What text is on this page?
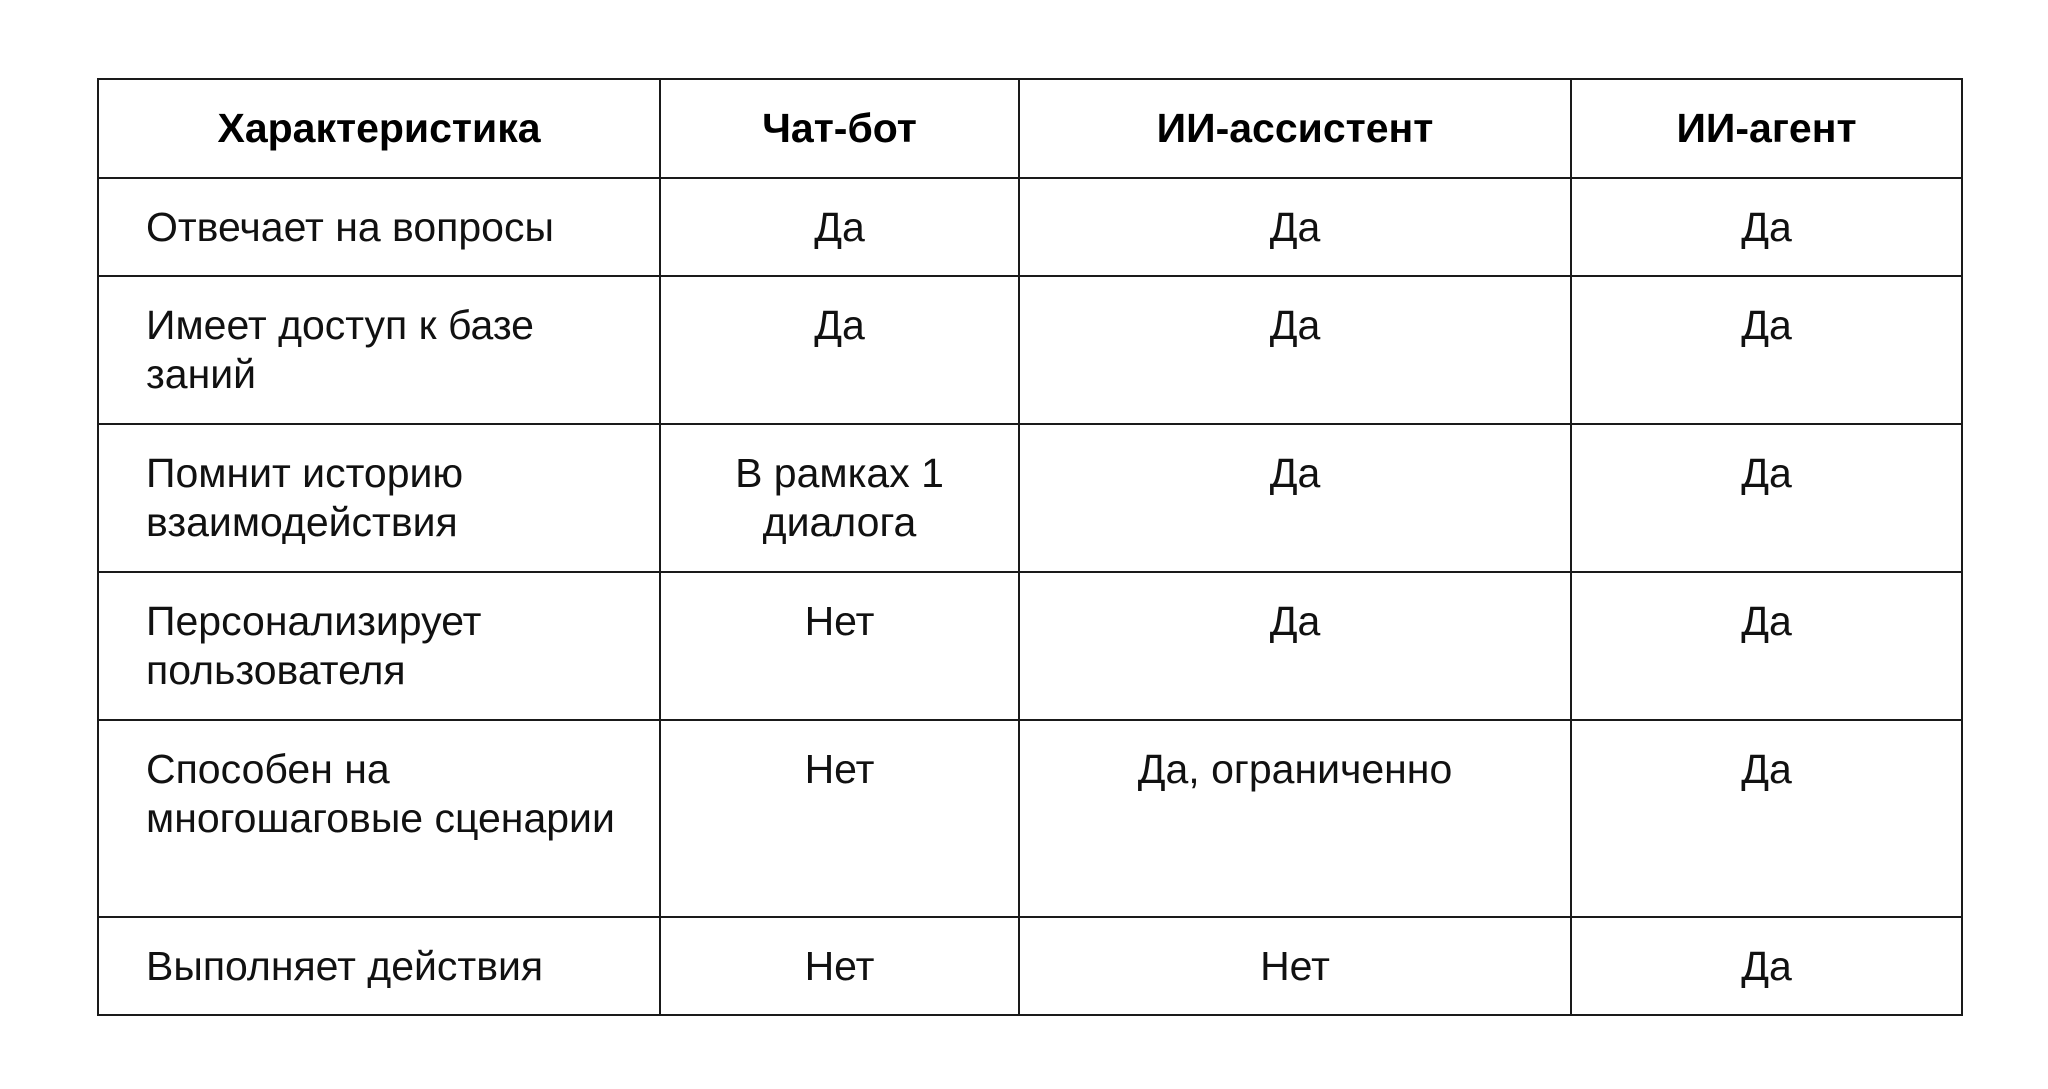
Характеристика	Чат-бот	ИИ-ассистент	ИИ-агент
Отвечает на вопросы	Да	Да	Да
Имеет доступ к базе заний	Да	Да	Да
Помнит историю взаимодействия	В рамках 1 диалога	Да	Да
Персонализирует пользователя	Нет	Да	Да
Способен на многошаговые сценарии	Нет	Да, ограниченно	Да
Выполняет действия	Нет	Нет	Да
